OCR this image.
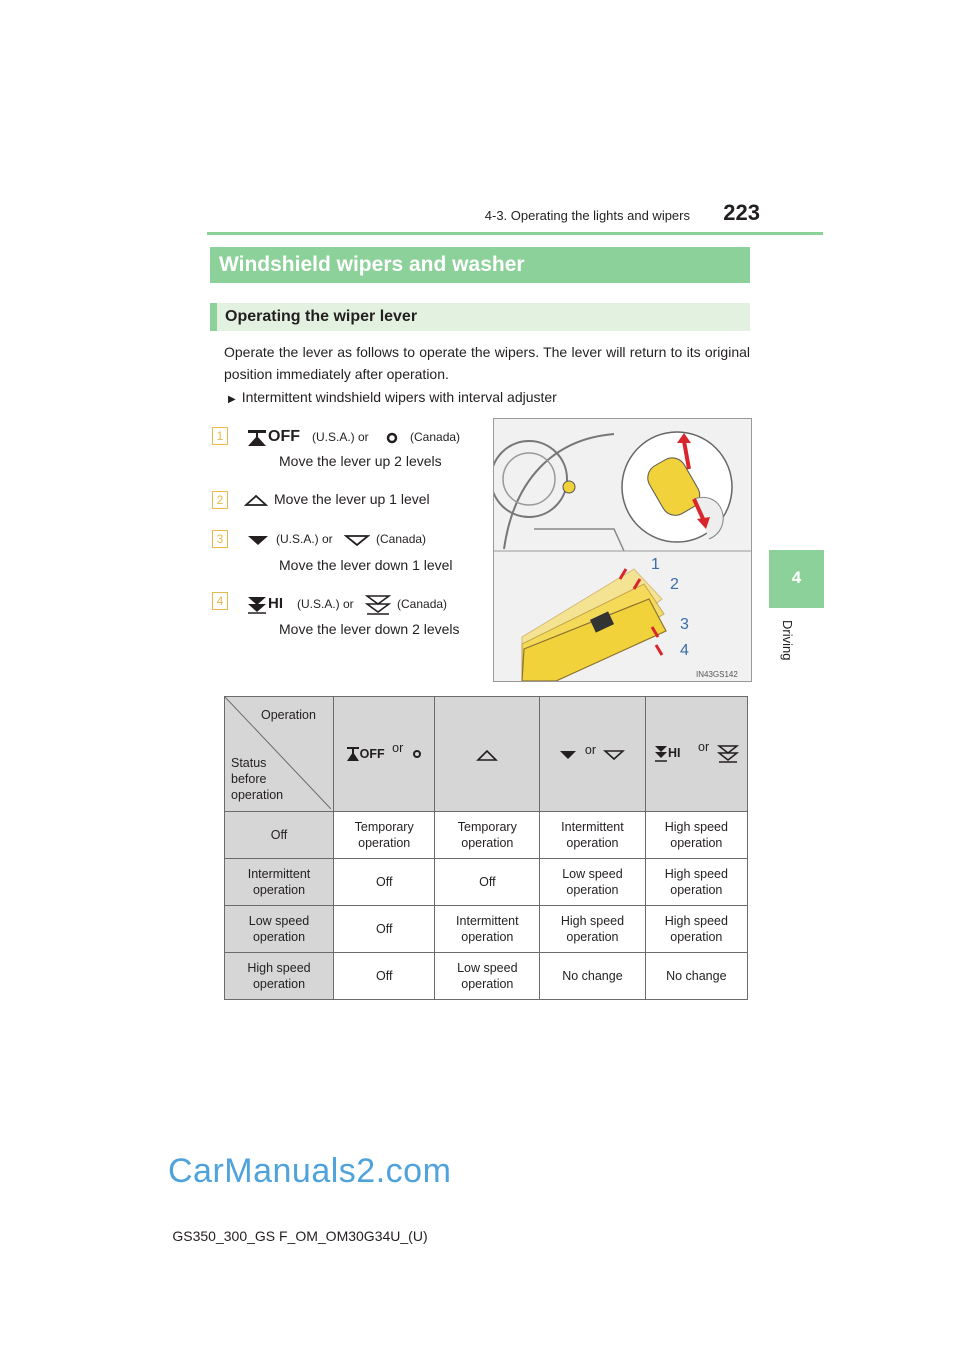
4-3. Operating the lights and wipers	223
4
Driving
Windshield wipers and washer
Operating the wiper lever
Operate the lever as follows to operate the wipers. The lever will return to its original position immediately after operation.
▶ Intermittent windshield wipers with interval adjuster
1	OFF (U.S.A.) or	(Canada)
Move the lever up 2 levels
2	Move the lever up 1 level
3	(U.S.A.) or	(Canada)
Move the lever down 1 level
4	HI (U.S.A.) or	(Canada)
Move the lever down 2 levels
1
2
3
4
IN43GS142
Operation
Status before operation	OFF or		or	HI or
Off	Temporary operation	Temporary operation	Intermittent operation	High speed operation
Intermittent operation	Off	Off	Low speed operation	High speed operation
Low speed operation	Off	Intermittent operation	High speed operation	High speed operation
High speed operation	Off	Low speed operation	No change	No change
CarManuals2.com
GS350_300_GS F_OM_OM30G34U_(U)
